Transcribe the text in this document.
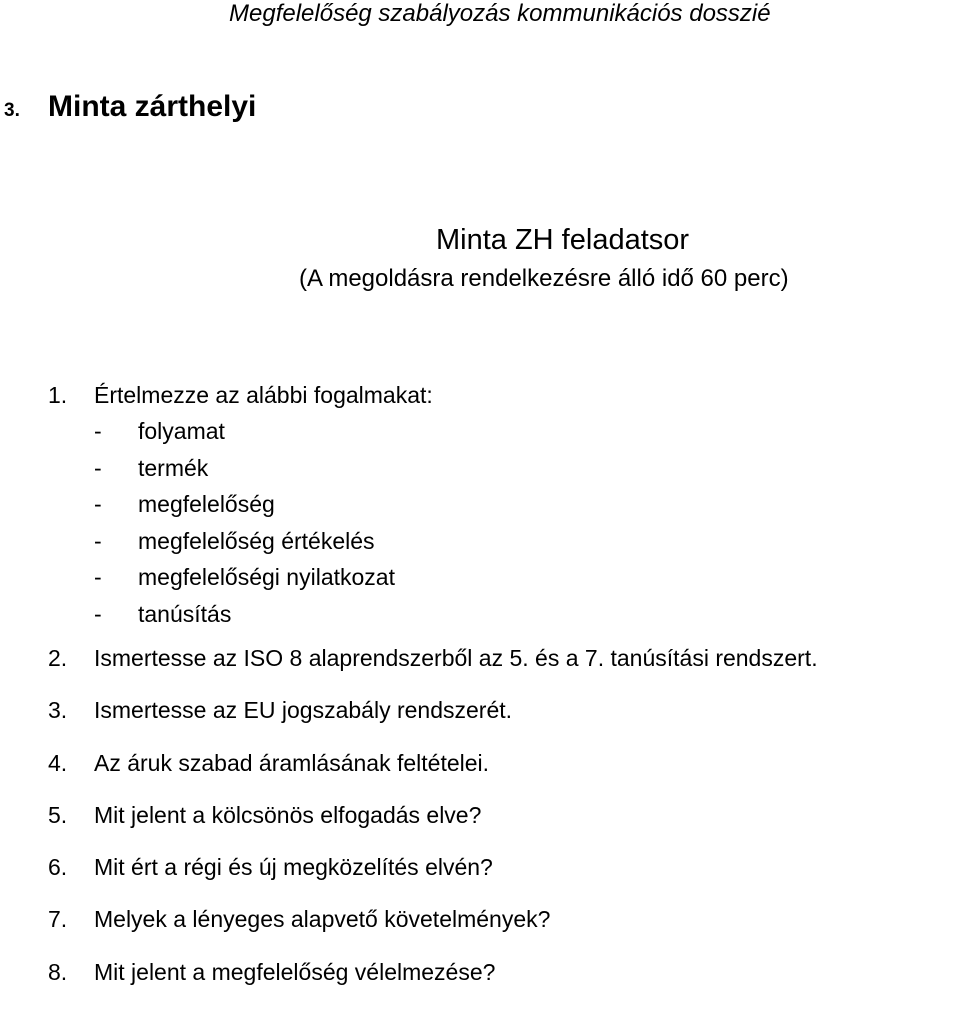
Megfelelőség szabályozás kommunikációs dosszié
3. Minta zárthelyi
Minta ZH feladatsor
(A megoldásra rendelkezésre álló idő 60 perc)
1. Értelmezze az alábbi fogalmakat:
- folyamat
- termék
- megfelelőség
- megfelelőség értékelés
- megfelelőségi nyilatkozat
- tanúsítás
2. Ismertesse az ISO 8 alaprendszerből az 5. és a 7. tanúsítási rendszert.
3. Ismertesse az EU jogszabály rendszerét.
4. Az áruk szabad áramlásának feltételei.
5. Mit jelent a kölcsönös elfogadás elve?
6. Mit ért a régi és új megközelítés elvén?
7. Melyek a lényeges alapvető követelmények?
8. Mit jelent a megfelelőség vélelmezése?
